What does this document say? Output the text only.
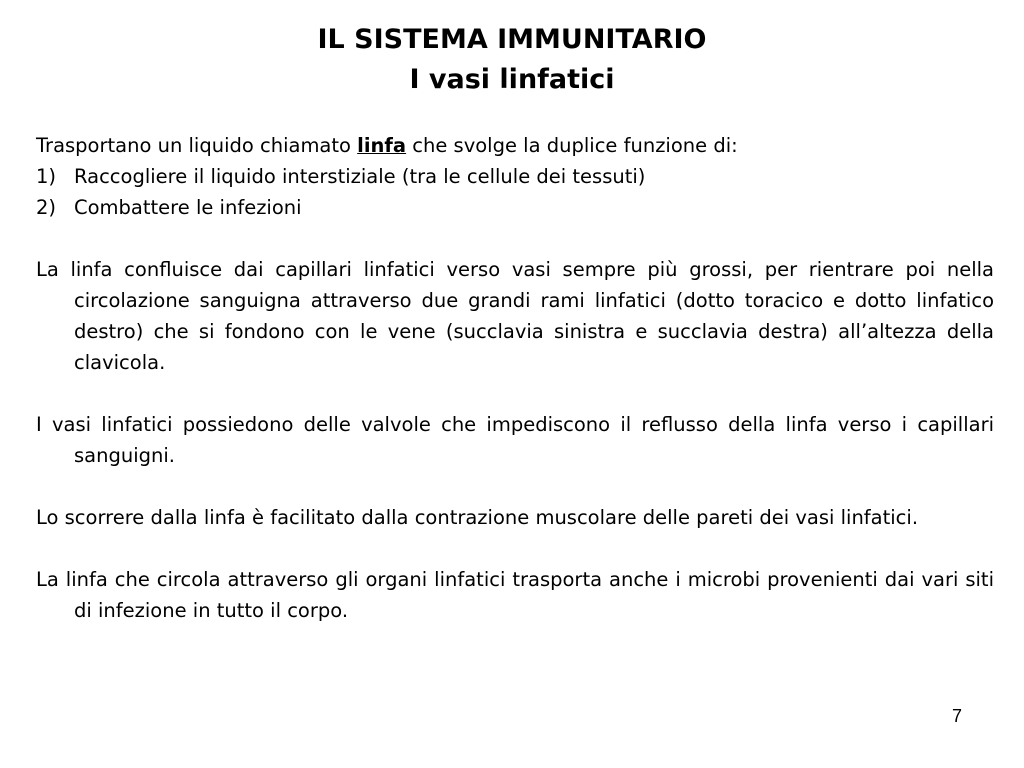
IL SISTEMA IMMUNITARIO
I vasi linfatici

Trasportano un liquido chiamato linfa che svolge la duplice funzione di:

1) Raccogliere il liquido interstiziale (tra le cellule dei tessuti)
2) Combattere le infezioni

La linfa confluisce dai capillari linfatici verso vasi sempre più grossi, per rientrare poi nella circolazione sanguigna attraverso due grandi rami linfatici (dotto toracico e dotto linfatico destro) che si fondono con le vene (succlavia sinistra e succlavia destra) all’altezza della clavicola.

I vasi linfatici possiedono delle valvole che impediscono il reflusso della linfa verso i capillari sanguigni.

Lo scorrere dalla linfa è facilitato dalla contrazione muscolare delle pareti dei vasi linfatici.

La linfa che circola attraverso gli organi linfatici trasporta anche i microbi provenienti dai vari siti di infezione in tutto il corpo.

7
